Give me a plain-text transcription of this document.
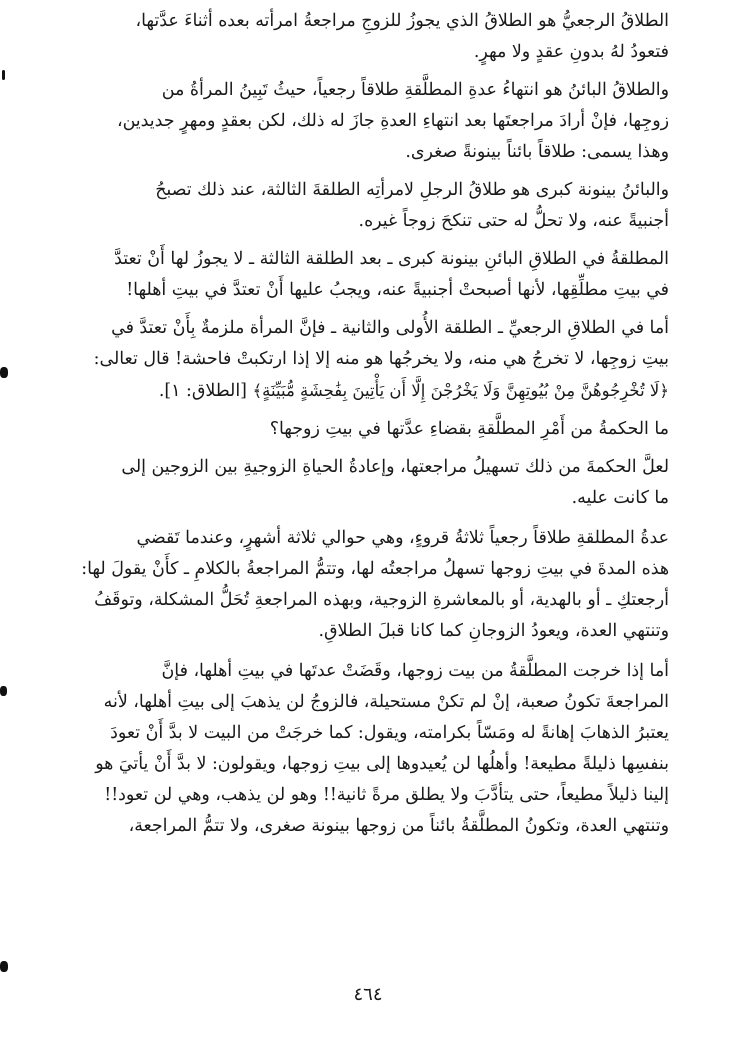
الطلاقُ الرجعيُّ هو الطلاقُ الذي يجوزُ للزوجِ مراجعةُ امرأته بعده أثناءَ عدَّتها،
فتعودُ لهُ بدونِ عقدٍ ولا مهرٍ.

والطلاقُ البائنُ هو انتهاءُ عدةِ المطلَّقةِ طلاقاً رجعياً، حيثُ تَبِينُ المرأةُ من
زوجِها، فإنْ أرادَ مراجعتَها بعد انتهاءِ العدةِ جازَ له ذلك، لكن بعقدٍ ومهرٍ جديدين،
وهذا يسمى: طلاقاً بائناً بينونةً صغرى.

والبائنُ بينونة كبرى هو طلاقُ الرجلِ لامرأتِه الطلقةَ الثالثة، عند ذلك تصبحُ
أجنبيةً عنه، ولا تحلُّ له حتى تنكحَ زوجاً غيره.

المطلقةُ في الطلاقِ البائنِ بينونة كبرى ـ بعد الطلقة الثالثة ـ لا يجوزُ لها أَنْ تعتدَّ
في بيتِ مطلِّقِها، لأنها أصبحتْ أجنبيةً عنه، ويجبُ عليها أَنْ تعتدَّ في بيتِ أهلها!

أما في الطلاقِ الرجعيِّ ـ الطلقة الأُولى والثانية ـ فإنَّ المرأة ملزمةٌ بِأَنْ تعتدَّ في
بيتِ زوجِها، لا تخرجُ هي منه، ولا يخرجُها هو منه إلا إذا ارتكبتْ فاحشة! قال تعالى:
﴿لَا تُخْرِجُوهُنَّ مِنْ بُيُوتِهِنَّ وَلَا يَخْرُجْنَ إِلَّا أَن يَأْتِينَ بِفَٰحِشَةٍ مُّبَيِّنَةٍ﴾ [الطلاق: ١].

ما الحكمةُ من أَمْرِ المطلَّقةِ بقضاءِ عدَّتها في بيتِ زوجها؟

لعلَّ الحكمةَ من ذلك تسهيلُ مراجعتها، وإعادةُ الحياةِ الزوجيةِ بين الزوجين إلى
ما كانت عليه.

عدةُ المطلقةِ طلاقاً رجعياً ثلاثةُ قروءٍ، وهي حوالي ثلاثة أشهرٍ، وعندما تَقضي
هذه المدةَ في بيتِ زوجها تسهلُ مراجعتُه لها، وتتمُّ المراجعةُ بالكلامِ ـ كأَنْ يقولَ لها:
أرجعتكِ ـ أو بالهدية، أو بالمعاشرةِ الزوجية، وبهذه المراجعةِ تُحَلُّ المشكلة، وتوقَفُ
وتنتهي العدة، ويعودُ الزوجانِ كما كانا قبلَ الطلاقِ.

أما إذا خرجت المطلَّقةُ من بيت زوجها، وقَضَتْ عدتَها في بيتِ أهلها، فإنَّ
المراجعةَ تكونُ صعبة، إنْ لم تكنْ مستحيلة، فالزوجُ لن يذهبَ إلى بيتِ أهلها، لأنه
يعتبرُ الذهابَ إهانةً له ومَسّاً بكرامته، ويقول: كما خرجَتْ من البيت لا بدَّ أَنْ تعودَ
بنفسِها ذليلةً مطيعة! وأهلُها لن يُعيدوها إلى بيتِ زوجها، ويقولون: لا بدَّ أَنْ يأتيَ هو
إلينا ذليلاً مطيعاً، حتى يتأدَّبَ ولا يطلق مرةً ثانية!! وهو لن يذهب، وهي لن تعود!!
وتنتهي العدة، وتكونُ المطلَّقةُ بائناً من زوجها بينونة صغرى، ولا تتمُّ المراجعة،

٤٦٤
